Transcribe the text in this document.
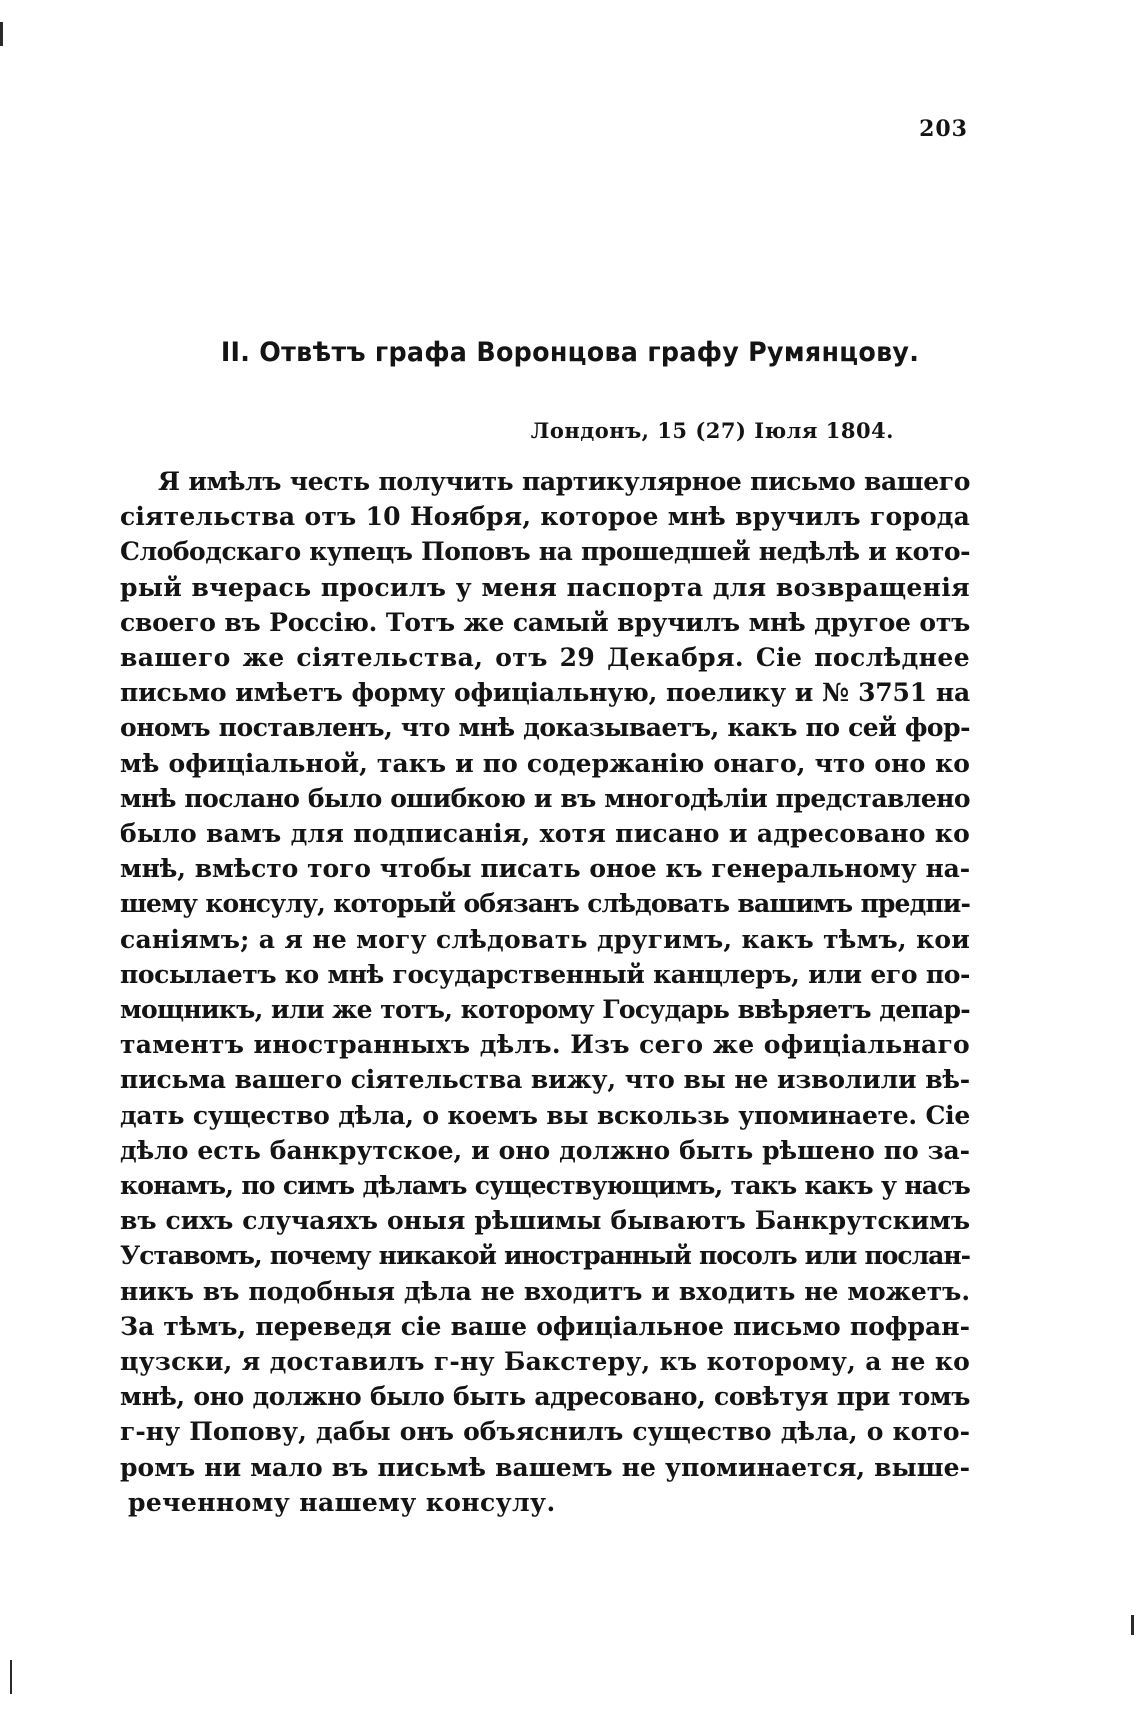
203
II. Отвѣтъ графа Воронцова графу Румянцову.
Лондонъ, 15 (27) Іюля 1804.
Я имѣлъ честь получить партикулярное письмо вашего
сіятельства отъ 10 Ноября, которое мнѣ вручилъ города
Слободскаго купецъ Поповъ на прошедшей недѣлѣ и кото-
рый вчерась просилъ у меня паспорта для возвращенія
своего въ Россію. Тотъ же самый вручилъ мнѣ другое отъ
вашего же сіятельства, отъ 29 Декабря. Сіе послѣднее
письмо имѣетъ форму офиціальную, поелику и № 3751 на
ономъ поставленъ, что мнѣ доказываетъ, какъ по сей фор-
мѣ офиціальной, такъ и по содержанію онаго, что оно ко
мнѣ послано было ошибкою и въ многодѣліи представлено
было вамъ для подписанія, хотя писано и адресовано ко
мнѣ, вмѣсто того чтобы писать оное къ генеральному на-
шему консулу, который обязанъ слѣдовать вашимъ предпи-
саніямъ; а я не могу слѣдовать другимъ, какъ тѣмъ, кои
посылаетъ ко мнѣ государственный канцлеръ, или его по-
мощникъ, или же тотъ, которому Государь ввѣряетъ депар-
таментъ иностранныхъ дѣлъ. Изъ сего же офиціальнаго
письма вашего сіятельства вижу, что вы не изволили вѣ-
дать существо дѣла, о коемъ вы вскользь упоминаете. Сіе
дѣло есть банкрутское, и оно должно быть рѣшено по за-
конамъ, по симъ дѣламъ существующимъ, такъ какъ у насъ
въ сихъ случаяхъ оныя рѣшимы бываютъ Банкрутскимъ
Уставомъ, почему никакой иностранный посолъ или послан-
никъ въ подобныя дѣла не входитъ и входить не можетъ.
За тѣмъ, переведя сіе ваше офиціальное письмо пофран-
цузски, я доставилъ г-ну Бакстеру, къ которому, а не ко
мнѣ, оно должно было быть адресовано, совѣтуя при томъ
г-ну Попову, дабы онъ объяснилъ существо дѣла, о кото-
ромъ ни мало въ письмѣ вашемъ не упоминается, выше-
реченному нашему консулу.
